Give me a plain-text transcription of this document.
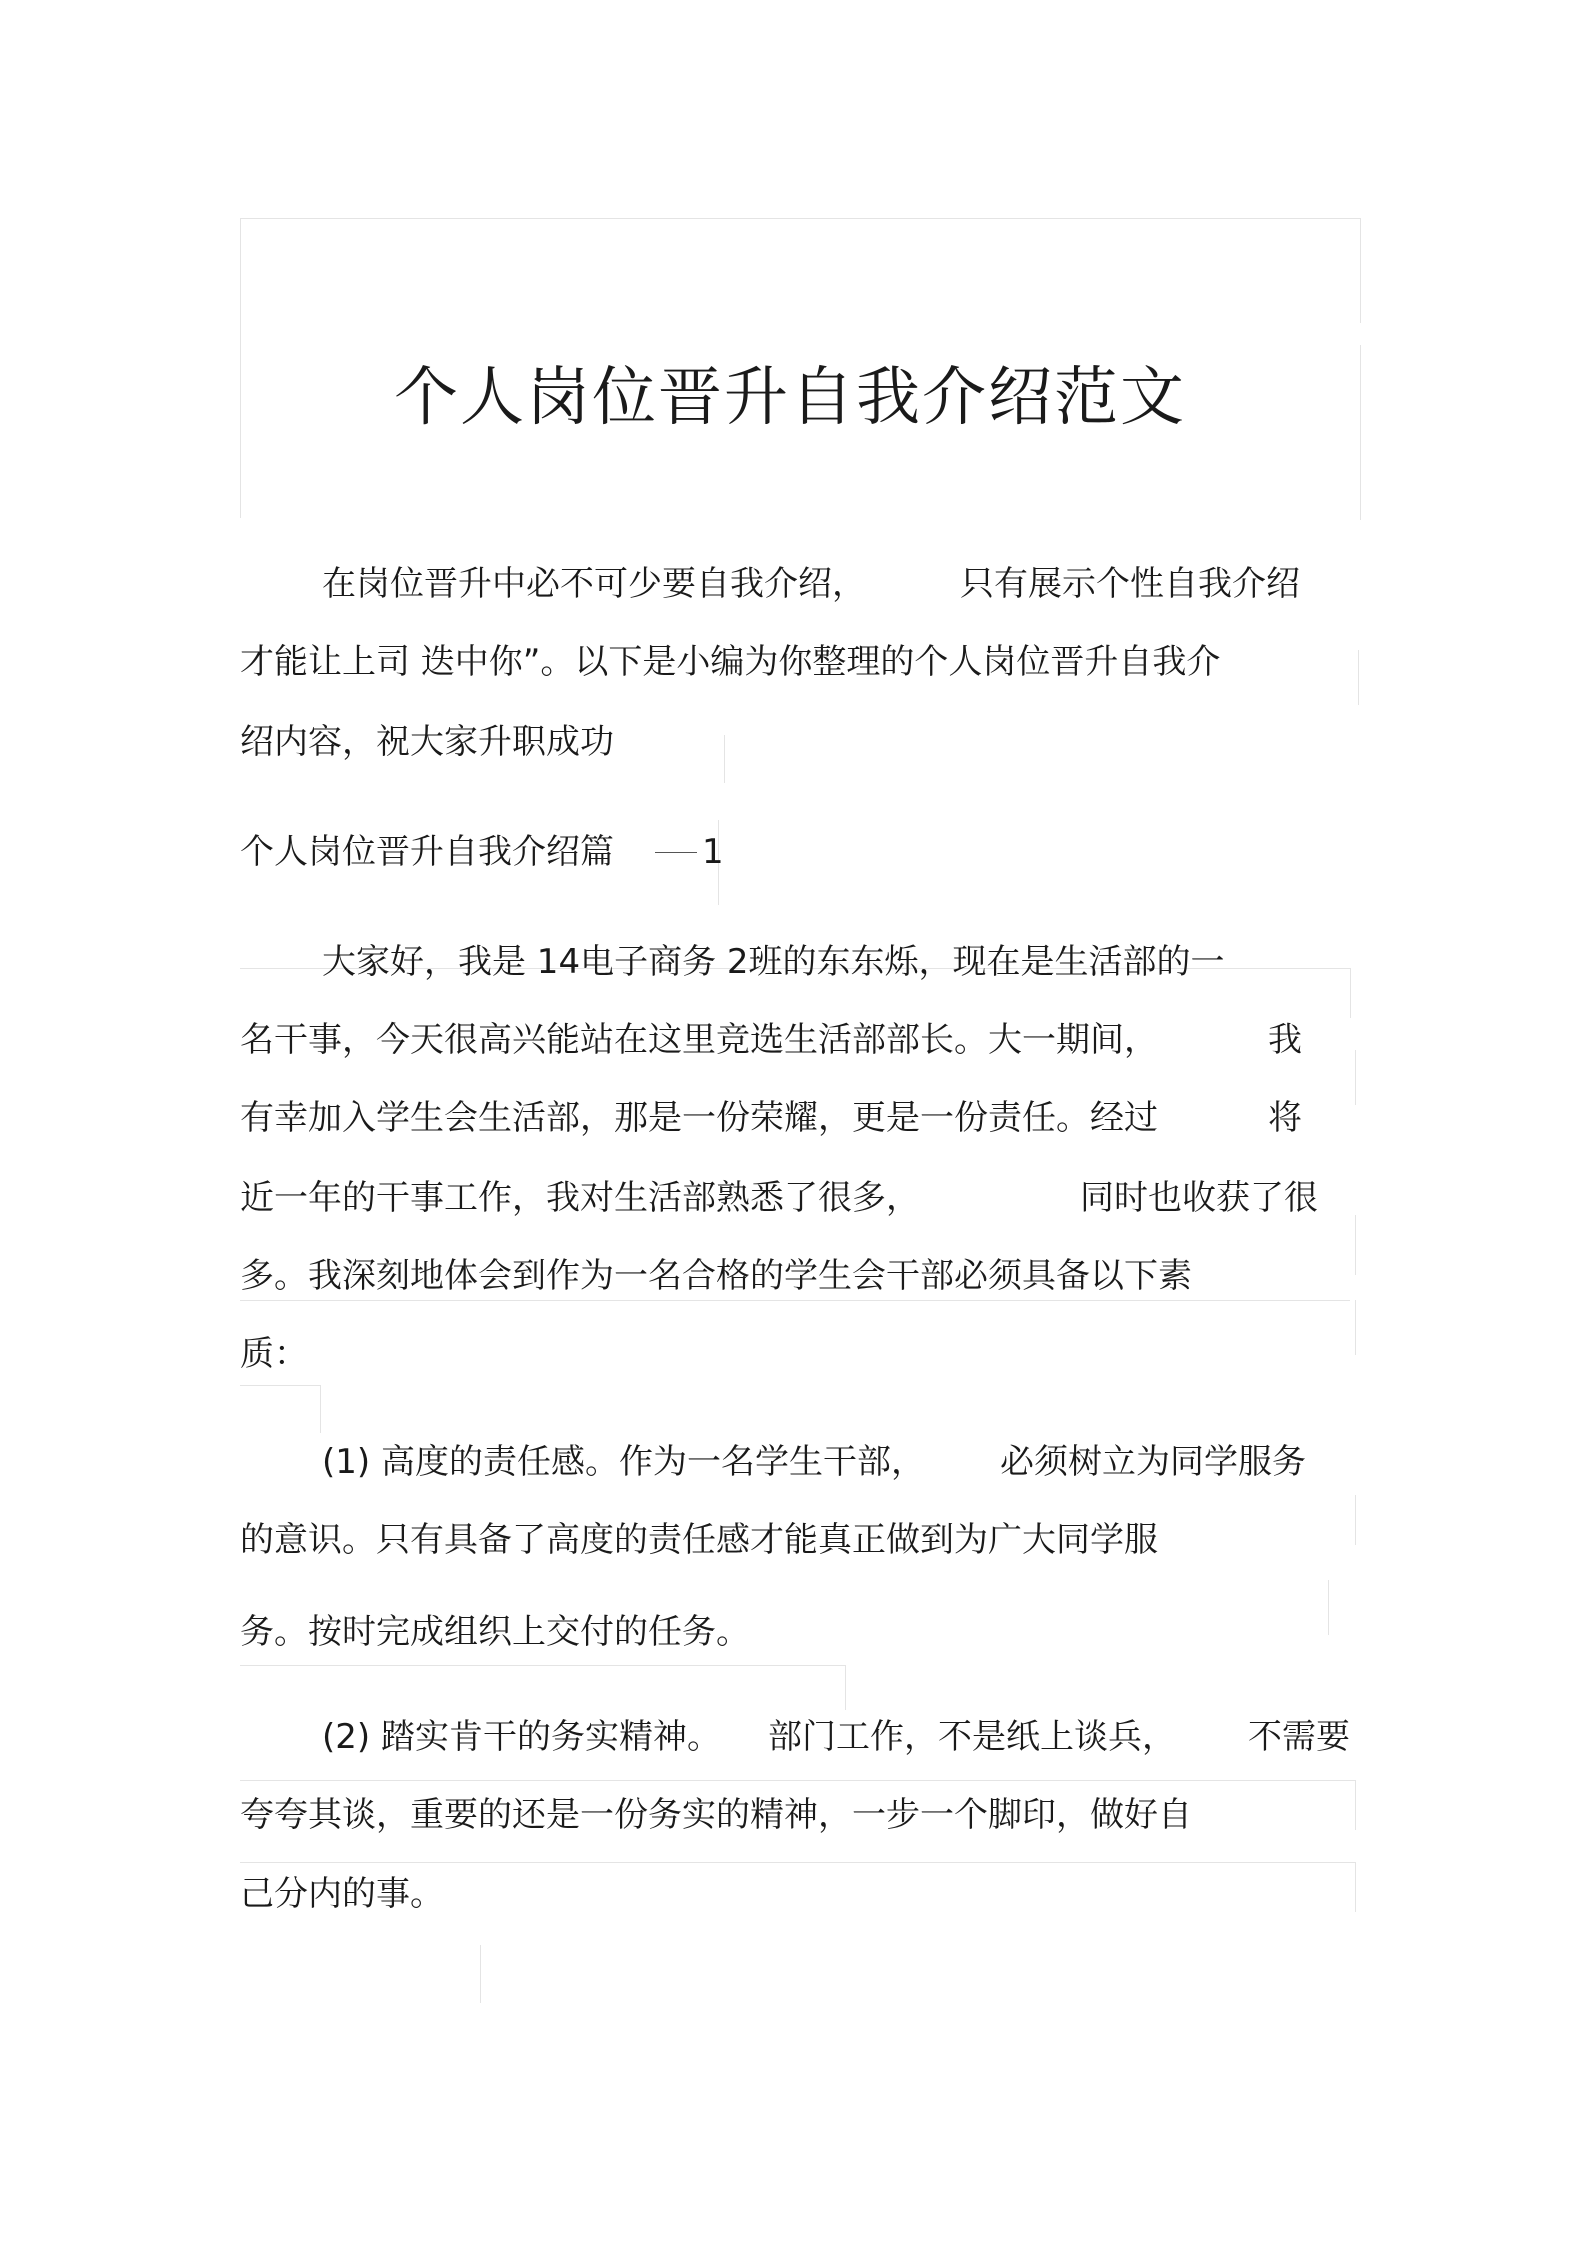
个人岗位晋升自我介绍范文

在岗位晋升中必不可少要自我介绍，	只有展示个性自我介绍

才能让上司 迭中你”。以下是小编为你整理的个人岗位晋升自我介

绍内容，祝大家升职成功

个人岗位晋升自我介绍篇	1

大家好，我是 14电子商务 2班的东东烁，现在是生活部的一

名干事，今天很高兴能站在这里竞选生活部部长。大一期间，	我

有幸加入学生会生活部，那是一份荣耀，更是一份责任。经过	将

近一年的干事工作，我对生活部熟悉了很多，	同时也收获了很

多。我深刻地体会到作为一名合格的学生会干部必须具备以下素

质：

(1) 高度的责任感。作为一名学生干部， 必须树立为同学服务

的意识。只有具备了高度的责任感才能真正做到为广大同学服

务。按时完成组织上交付的任务。

(2) 踏实肯干的务实精神。 部门工作，不是纸上谈兵， 不需要

夸夸其谈，重要的还是一份务实的精神，一步一个脚印，做好自

己分内的事。
